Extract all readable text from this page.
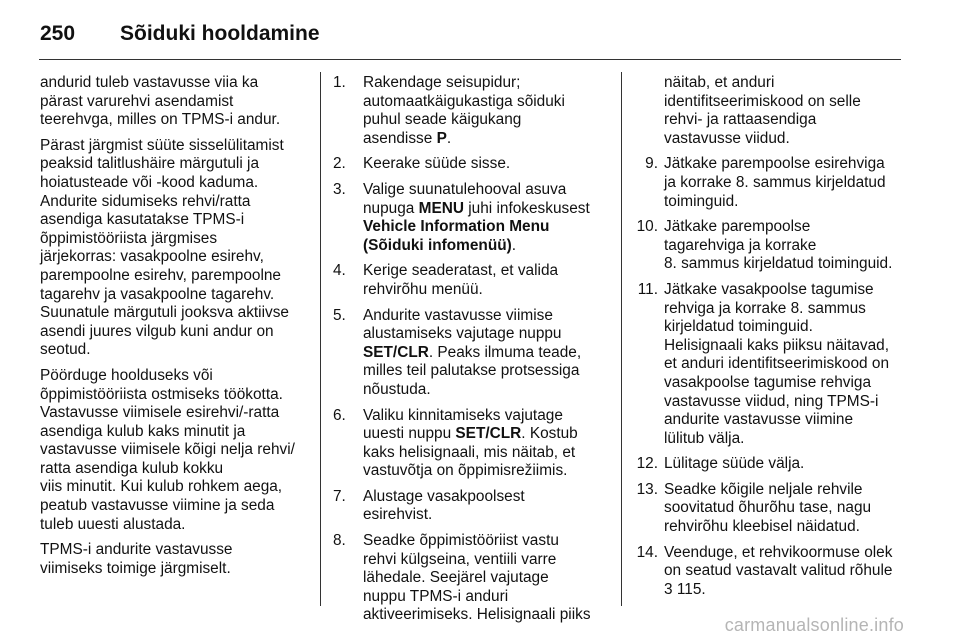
250	Sõiduki hooldamine

andurid tuleb vastavusse viia ka
pärast varurehvi asendamist
teerehvga, milles on TPMS-i andur.

Pärast järgmist süüte sisselülitamist
peaksid talitlushäire märgutuli ja
hoiatusteade või -kood kaduma.
Andurite sidumiseks rehvi/ratta
asendiga kasutatakse TPMS-i
õppimistööriista järgmises
järjekorras: vasakpoolne esirehv,
parempoolne esirehv, parempoolne
tagarehv ja vasakpoolne tagarehv.
Suunatule märgutuli jooksva aktiivse
asendi juures vilgub kuni andur on
seotud.

Pöörduge hoolduseks või
õppimistööriista ostmiseks töökotta.
Vastavusse viimisele esirehvi/-ratta
asendiga kulub kaks minutit ja
vastavusse viimisele kõigi nelja rehvi/
ratta asendiga kulub kokku
viis minutit. Kui kulub rohkem aega,
peatub vastavusse viimine ja seda
tuleb uuesti alustada.

TPMS-i andurite vastavusse
viimiseks toimige järgmiselt.

1.	Rakendage seisupidur;
automaatkäigukastiga sõiduki
puhul seade käigukang
asendisse P.
2.	Keerake süüde sisse.
3.	Valige suunatulehooval asuva
nupuga MENU juhi infokeskusest
Vehicle Information Menu
(Sõiduki infomenüü).
4.	Kerige seaderatast, et valida
rehvirõhu menüü.
5.	Andurite vastavusse viimise
alustamiseks vajutage nuppu
SET/CLR. Peaks ilmuma teade,
milles teil palutakse protsessiga
nõustuda.
6.	Valiku kinnitamiseks vajutage
uuesti nuppu SET/CLR. Kostub
kaks helisignaali, mis näitab, et
vastuvõtja on õppimisrežiimis.
7.	Alustage vasakpoolsest
esirehvist.
8.	Seadke õppimistööriist vastu
rehvi külgseina, ventiili varre
lähedale. Seejärel vajutage
nuppu TPMS-i anduri
aktiveerimiseks. Helisignaali piiks
näitab, et anduri
identifitseerimiskood on selle
rehvi- ja rattaasendiga
vastavusse viidud.
9. Jätkake parempoolse esirehviga
ja korrake 8. sammus kirjeldatud
toiminguid.
10. Jätkake parempoolse
tagarehviga ja korrake
8. sammus kirjeldatud toiminguid.
11. Jätkake vasakpoolse tagumise
rehviga ja korrake 8. sammus
kirjeldatud toiminguid.
Helisignaali kaks piiksu näitavad,
et anduri identifitseerimiskood on
vasakpoolse tagumise rehviga
vastavusse viidud, ning TPMS-i
andurite vastavusse viimine
lülitub välja.
12. Lülitage süüde välja.
13. Seadke kõigile neljale rehvile
soovitatud õhurõhu tase, nagu
rehvirõhu kleebisel näidatud.
14. Veenduge, et rehvikoormuse olek
on seatud vastavalt valitud rõhule
3 115.
carmanualsonline.info
